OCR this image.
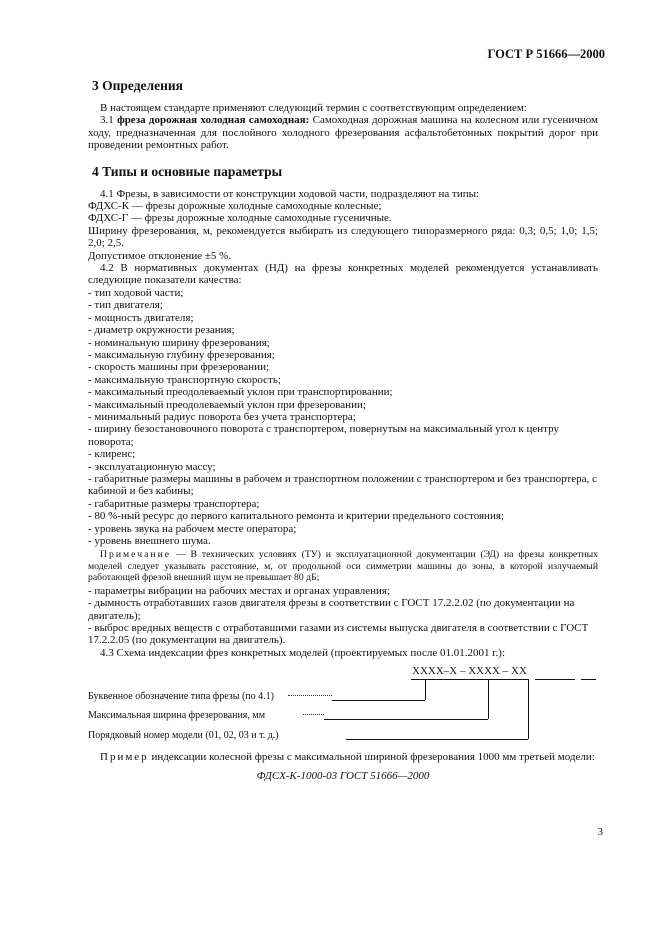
ГОСТ Р 51666—2000
3 Определения

В настоящем стандарте применяют следующий термин с соответствующим определением:

3.1 фреза дорожная холодная самоходная: Самоходная дорожная машина на колесном или гусеничном ходу, предназначенная для послойного холодного фрезерования асфальтобетонных покрытий дорог при проведении ремонтных работ.

4 Типы и основные параметры

4.1 Фрезы, в зависимости от конструкции ходовой части, подразделяют на типы:

ФДХС-К — фрезы дорожные холодные самоходные колесные;

ФДХС-Г — фрезы дорожные холодные самоходные гусеничные.

Ширину фрезерования, м, рекомендуется выбирать из следующего типоразмерного ряда: 0,3; 0,5; 1,0; 1,5; 2,0; 2,5.

Допустимое отклонение ±5 %.

4.2 В нормативных документах (НД) на фрезы конкретных моделей рекомендуется устанавливать следующие показатели качества:

- тип ходовой части;
- тип двигателя;
- мощность двигателя;
- диаметр окружности резания;
- номинальную ширину фрезерования;
- максимальную глубину фрезерования;
- скорость машины при фрезеровании;
- максимальную транспортную скорость;
- максимальный преодолеваемый уклон при транспортировании;
- максимальный преодолеваемый уклон при фрезеровании;
- минимальный радиус поворота без учета транспортера;
- ширину безостановочного поворота с транспортером, повернутым на максимальный угол к центру поворота;
- клиренс;
- эксплуатационную массу;
- габаритные размеры машины в рабочем и транспортном положении с транспортером и без транспортера, с кабиной и без кабины;
- габаритные размеры транспортера;
- 80 %-ный ресурс до первого капитального ремонта и критерии предельного состояния;
- уровень звука на рабочем месте оператора;
- уровень внешнего шума.

Примечание — В технических условиях (ТУ) и эксплуатационной документации (ЭД) на фрезы конкретных моделей следует указывать расстояние, м, от продольной оси симметрии машины до зоны, в которой излучаемый работающей фрезой внешний шум не превышает 80 дБ;

- параметры вибрации на рабочих местах и органах управления;
- дымность отработавших газов двигателя фрезы в соответствии с ГОСТ 17.2.2.02 (по документации на двигатель);
- выброс вредных веществ с отработавшими газами из системы выпуска двигателя в соответствии с ГОСТ 17.2.2.05 (по документации на двигатель).

4.3 Схема индексации фрез конкретных моделей (проектируемых после 01.01.2001 г.):

ХХХХ–Х – ХХХХ – ХХ
Буквенное обозначение типа фрезы (по 4.1)
Максимальная ширина фрезерования, мм
Порядковый номер модели (01, 02, 03 и т. д.)

Пример индексации колесной фрезы с максимальной шириной фрезерования 1000 мм третьей модели:

ФДСХ-К-1000-03 ГОСТ 51666—2000
3
